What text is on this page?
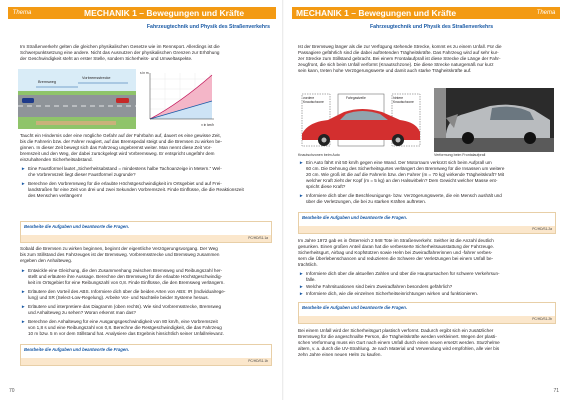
Thema	MECHANIK 1 – Bewegungen und Kräfte
Fahrzeugtechnik und Physik des Straßenverkehrs
Im Straßenverkehr gelten die gleichen physikalischen Gesetze wie im Rennsport. Allerdings ist die
Schwerpunktsetzung eine andere. Nicht das Ausnutzen der physikalischen Grenzen zur Erhöhung
der Geschwindigkeit steht an erster Stelle, sondern Sicherheits- und Umweltaspekte.
Bremsweg
Vorbremsstrecke
s in m
v in km/h
Taucht ein Hindernis oder eine mögliche Gefahr auf der Fahrbahn auf, dauert es eine gewisse Zeit,
bis die Fahrerin bzw. der Fahrer reagiert, auf das Bremspedal steigt und die Bremsen zu wirken be-
ginnen. In dieser Zeit bewegt sich das Fahrzeug ungebremst weiter. Man nennt diese Zeit Vor-
bremszeit und den Weg, der dabei zurückgelegt wird Vorbremsweg. Er entspricht ungefähr dem
einzuhaltenden Sicherheitsabstand.
► Eine Faustformel lautet „Sicherheitsabstand = mindestens halbe Tachoanzeige in Metern.“ Wel-
che Vorbremszeit liegt dieser Faustformel zugrunde?
► Berechne den Vorbremsweg für die erlaubte Höchstgeschwindigkeit im Ortsgebiet und auf Frei-
landstraßen für eine Zeit von drei und zwei Sekunden Vorbremszeit. Finde Einflüsse, die die Reaktionszeit
des Menschen verlängern!
Bearbeite die Aufgaben und beantworte die Fragen.
PC/HD/S1.1a
Sobald die Bremsen zu wirken beginnen, beginnt der eigentliche Verzögerungsvorgang. Der Weg
bis zum Stillstand des Fahrzeuges ist der Bremsweg. Vorbremsstrecke und Bremsweg zusammen
ergeben den Anhalteweg.
► Entwickle eine Gleichung, die den Zusammenhang zwischen Bremsweg und Reibungszahl her-
stellt und erläutere ihre Aussage. Berechne den Bremsweg für die erlaubte Höchstgeschwindig-
keit im Ortsgebiet für eine Reibungszahl von 0,8. Finde Einflüsse, die den Bremsweg verlängern.
► Erläutere den Vorteil des ABS. Informiere dich über die beiden Arten von ABS: IR (Individualrege-
lung) und SR (Select-Low-Regelung). Arbeite Vor- und Nachteile beider Systeme heraus.
► Erläutere und interpretiere das Diagramm (oben rechts). Wie sind Vorbremsstrecke, Bremsweg
und Anhalteweg zu sehen? Woran erkennt man das?
► Berechne den Anhalteweg für eine Ausgangsgeschwindigkeit von 80 km/h, eine Vorbremszeit
von 1,8 s und eine Reibungszahl von 0,8. Berechne die Restgeschwindigkeit, die das Fahrzeug
10 m bzw. 5 m vor dem Stillstand hat. Analysiere das Ergebnis hinsichtlich seiner Unfallrelevanz.
Bearbeite die Aufgaben und beantworte die Fragen.
PC/HD/S1.1b
70
Thema
MECHANIK 1 – Bewegungen und Kräfte
Fahrzeugtechnik und Physik des Straßenverkehrs
Ist der Bremsweg länger als die zur Verfügung stehende Strecke, kommt es zu einem Unfall. Für die
Passagiere gefährlich sind die dabei auftretenden Trägheitskräfte. Das Fahrzeug wird auf sehr kur-
zer Strecke zum Stillstand gebracht. Bei einem Frontalaufprall ist diese Strecke die Länge der Fahr-
zeugfront, die sich beim Unfall verformt (Knautschzone). Die diese Strecke naturgemäß nur kurz
sein kann, treten hohe Verzögerungswerte und damit auch starke Trägheitskräfte auf.
vordere Knautschzone
Fahrgastzelle	hintere Knautschzone
Knautschzonen beim Auto	Verformung beim Frontalaufprall
► Ein Auto fährt mit 50 km/h gegen eine Wand. Der Motorraum verkürzt sich beim Aufprall um
60 cm. Die Dehnung des Sicherheitsgurtes verlängert den Bremsweg für die Insassen um weitere
20 cm. Wie groß ist die auf die Fahrerin bzw. den Fahrer (m = 70 kg) wirkende Trägheitskraft? Mit
welcher Kraft zieht der Kopf (m = 5 kg) an den Halswirbeln? Dem Gewicht welcher Masse ent-
spricht diese Kraft?
► Informiere dich über die Beschleunigungs- bzw. Verzögerungswerte, die ein Mensch aushält und
über die Verletzungen, die bei zu starken Kräften auftreten.
Bearbeite die Aufgaben und beantworte die Fragen.
PC/HD/S1.2a
Im Jahre 1972 gab es in Österreich 2 948 Tote im Straßenverkehr. Seither ist die Anzahl deutlich
gesunken. Einen großen Anteil daran hat die verbesserte Sicherheitsausstattung der Fahrzeuge.
Sicherheitsgurt, Airbag und Kopfstützen sowie Helm bei Zweiradfahrerinnen und -fahrer verbes-
sern die Überlebenschancen und reduzieren die Schwere der Verletzungen bei einem Unfall be-
trächtlich.
► Informiere dich über die aktuellen Zahlen und über die Hauptursachen für schwere Verkehrsun-
fälle.
► Welche Fahrsituationen sind beim Zweiradfahren besonders gefährlich?
► Informiere dich, wie die einzelnen Sicherheitseinrichtungen wirken und funktionieren.
Bearbeite die Aufgaben und beantworte die Fragen.
PC/HD/S1.2b
Bei einem Unfall wird der Sicherheitsgurt plastisch verformt. Dadurch ergibt sich ein zusätzlicher
Bremsweg für die angeschnallte Person, die Trägheitskräfte werden verkleinert. Wegen der plasti-
schen Verformung muss ein Gurt nach einem Unfall durch einen neuen ersetzt werden. Sturzhelme
altern, v. a. durch die UV-Strahlung. Je nach Material und Verwendung wird empfohlen, alle vier bis
zehn Jahre einen neuen Helm zu kaufen.
71
